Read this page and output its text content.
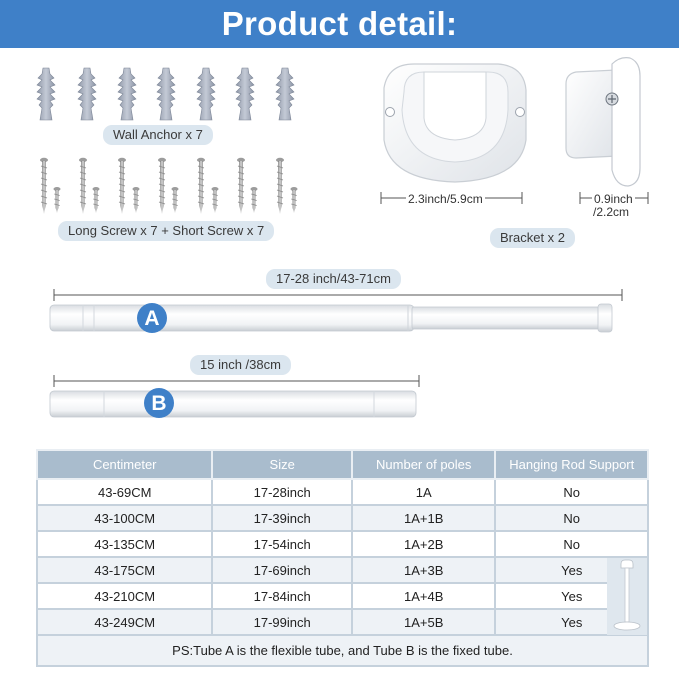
Product detail:
A
B
Wall Anchor x 7
Long Screw x 7 + Short Screw x 7	Bracket x 2
2.3inch/5.9cm	0.9inch
/2.2cm
17-28 inch/43-71cm
15 inch /38cm
Centimeter	Size	Number of poles	Hanging Rod Support
43-69CM	17-28inch	1A	No
43-100CM	17-39inch	1A+1B	No
43-135CM	17-54inch	1A+2B	No
43-175CM	17-69inch	1A+3B	Yes
43-210CM	17-84inch	1A+4B	Yes
43-249CM	17-99inch	1A+5B	Yes
PS:Tube A is the flexible tube, and Tube B is the fixed tube.			
